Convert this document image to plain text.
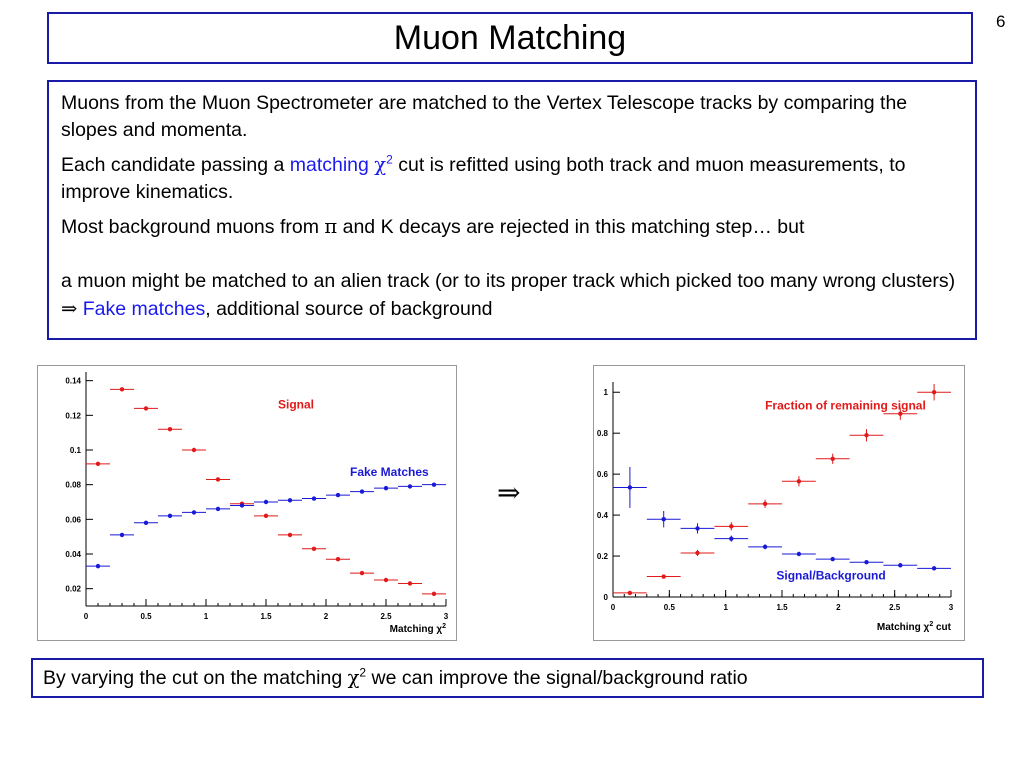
6
Muon Matching

Muons from the Muon Spectrometer are matched to the Vertex Telescope tracks by comparing the slopes and momenta.

Each candidate passing a matching $\chi^2$ cut is refitted using both track and muon measurements, to improve kinematics.

Most background muons from π and K decays are rejected in this matching step… but

a muon might be matched to an alien track (or to its proper track which picked too many wrong clusters) ⇒ Fake matches, additional source of background

0	0.5	1	1.5	2	2.5	3
0.02
0.04
0.06
0.08
0.1
0.12
0.14
Matching $\chi^2$
Signal
Fake Matches
⇒
0	0.5	1	1.5	2	2.5	3
0
0.2
0.4
0.6
0.8
1
Matching $\chi^2$ cut
Fraction of remaining signal
Signal/Background
By varying the cut on the matching $\chi^2$ we can improve the signal/background ratio
